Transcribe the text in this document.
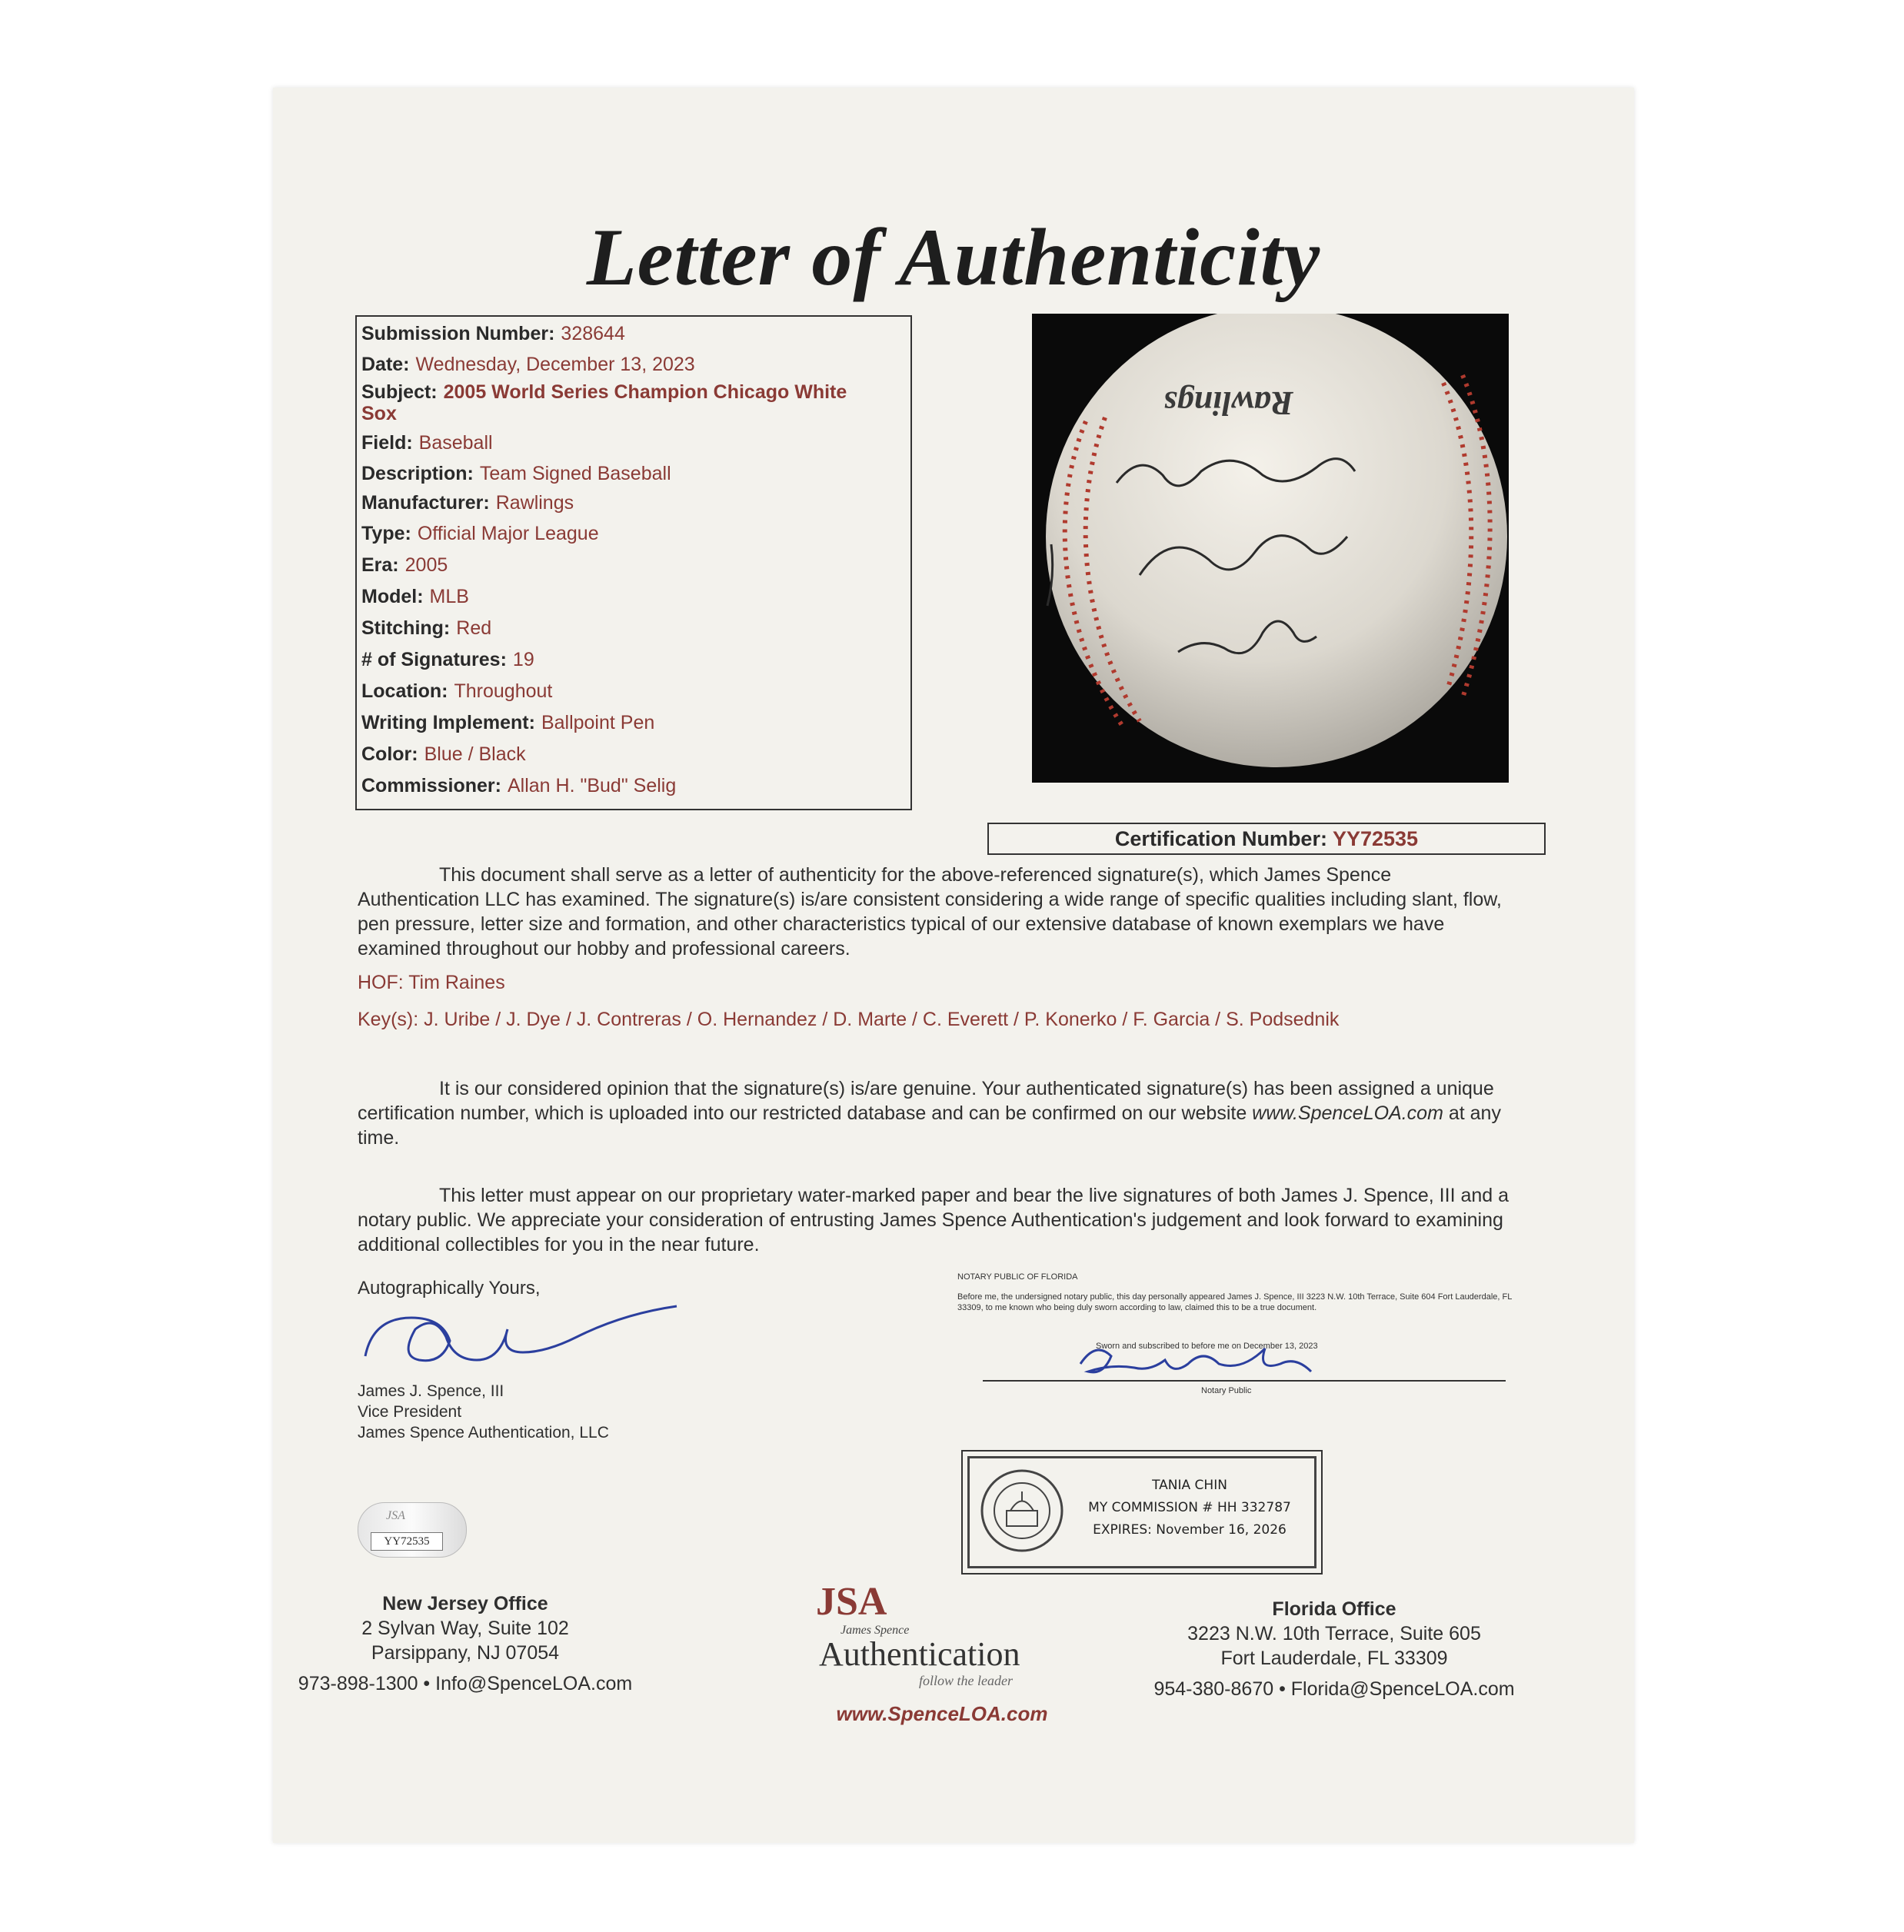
Letter of Authenticity
Submission Number: 328644
Date: Wednesday, December 13, 2023
Subject: 2005 World Series Champion Chicago White Sox
Field: Baseball
Description: Team Signed Baseball
Manufacturer: Rawlings
Type: Official Major League
Era: 2005
Model: MLB
Stitching: Red
# of Signatures: 19
Location: Throughout
Writing Implement: Ballpoint Pen
Color: Blue / Black
Commissioner: Allan H. "Bud" Selig
Rawlings
Certification Number: YY72535
This document shall serve as a letter of authenticity for the above-referenced signature(s), which James Spence Authentication LLC has examined. The signature(s) is/are consistent considering a wide range of specific qualities including slant, flow, pen pressure, letter size and formation, and other characteristics typical of our extensive database of known exemplars we have examined throughout our hobby and professional careers.
HOF: Tim Raines
Key(s): J. Uribe / J. Dye / J. Contreras / O. Hernandez / D. Marte / C. Everett / P. Konerko / F. Garcia / S. Podsednik
It is our considered opinion that the signature(s) is/are genuine. Your authenticated signature(s) has been assigned a unique certification number, which is uploaded into our restricted database and can be confirmed on our website www.SpenceLOA.com at any time.
This letter must appear on our proprietary water-marked paper and bear the live signatures of both James J. Spence, III and a notary public. We appreciate your consideration of entrusting James Spence Authentication's judgement and look forward to examining additional collectibles for you in the near future.
Autographically Yours,
James J. Spence, III
Vice President
James Spence Authentication, LLC
JSA
YY72535
NOTARY PUBLIC OF FLORIDA
Before me, the undersigned notary public, this day personally appeared James J. Spence, III 3223 N.W. 10th Terrace, Suite 604 Fort Lauderdale, FL 33309, to me known who being duly sworn according to law, claimed this to be a true document.
Sworn and subscribed to before me on December 13, 2023
Notary Public
TANIA CHIN
MY COMMISSION # HH 332787
EXPIRES: November 16, 2026
New Jersey Office
2 Sylvan Way, Suite 102
Parsippany, NJ 07054
973-898-1300 • Info@SpenceLOA.com
JSA
James Spence
Authentication
follow the leader
www.SpenceLOA.com
Florida Office
3223 N.W. 10th Terrace, Suite 605
Fort Lauderdale, FL 33309
954-380-8670 • Florida@SpenceLOA.com
